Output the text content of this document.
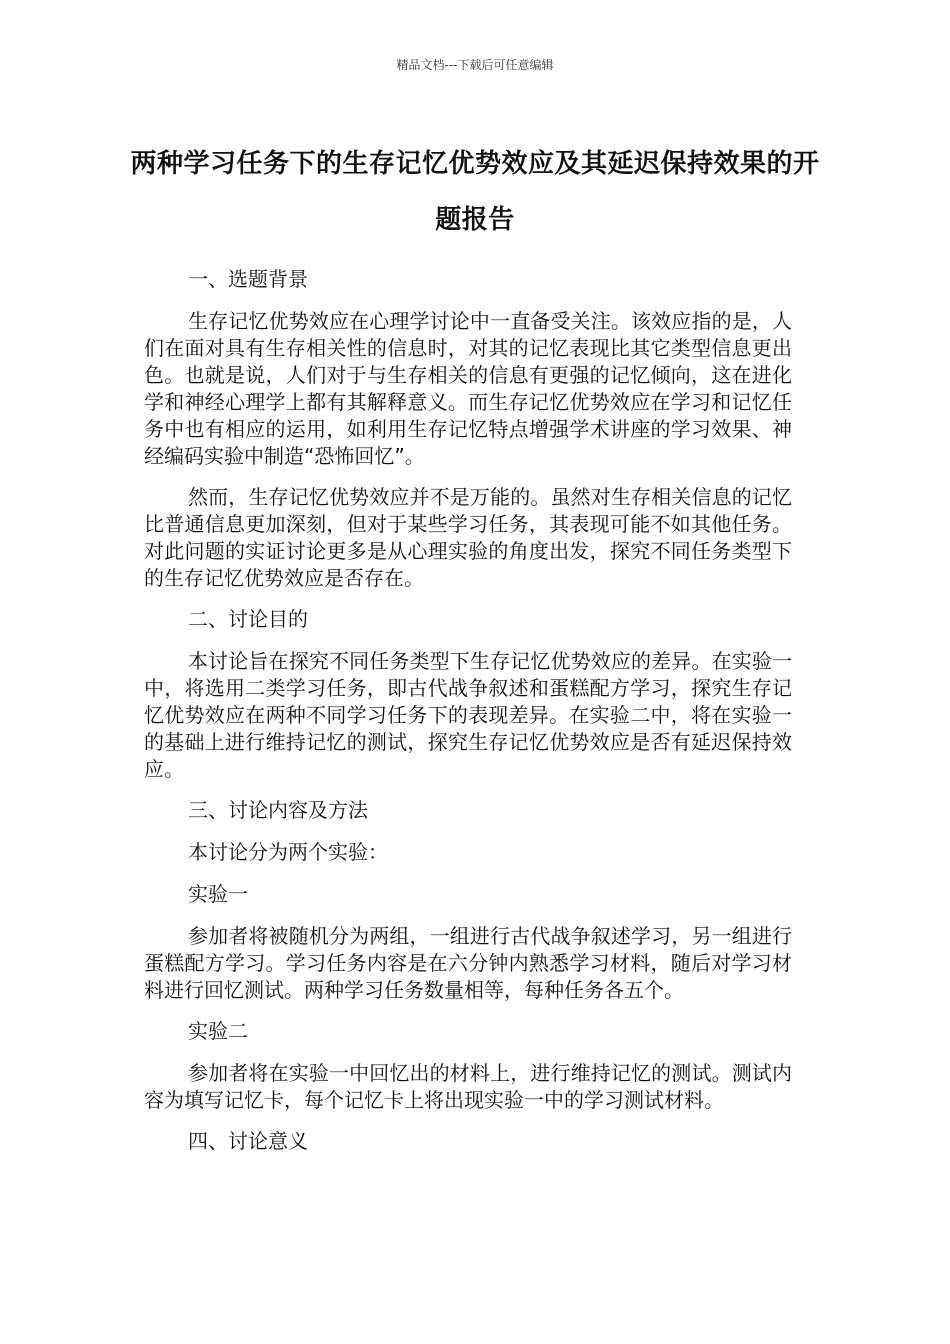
精品文档---下载后可任意编辑
两种学习任务下的生存记忆优势效应及其延迟保持效果的开题报告
一、选题背景
生存记忆优势效应在心理学讨论中一直备受关注。该效应指的是，人们在面对具有生存相关性的信息时，对其的记忆表现比其它类型信息更出色。也就是说，人们对于与生存相关的信息有更强的记忆倾向，这在进化学和神经心理学上都有其解释意义。而生存记忆优势效应在学习和记忆任务中也有相应的运用，如利用生存记忆特点增强学术讲座的学习效果、神经编码实验中制造“恐怖回忆”。
然而，生存记忆优势效应并不是万能的。虽然对生存相关信息的记忆比普通信息更加深刻，但对于某些学习任务，其表现可能不如其他任务。对此问题的实证讨论更多是从心理实验的角度出发，探究不同任务类型下的生存记忆优势效应是否存在。
二、讨论目的
本讨论旨在探究不同任务类型下生存记忆优势效应的差异。在实验一中，将选用二类学习任务，即古代战争叙述和蛋糕配方学习，探究生存记忆优势效应在两种不同学习任务下的表现差异。在实验二中，将在实验一的基础上进行维持记忆的测试，探究生存记忆优势效应是否有延迟保持效应。
三、讨论内容及方法
本讨论分为两个实验：
实验一
参加者将被随机分为两组，一组进行古代战争叙述学习，另一组进行蛋糕配方学习。学习任务内容是在六分钟内熟悉学习材料，随后对学习材料进行回忆测试。两种学习任务数量相等，每种任务各五个。
实验二
参加者将在实验一中回忆出的材料上，进行维持记忆的测试。测试内容为填写记忆卡，每个记忆卡上将出现实验一中的学习测试材料。
四、讨论意义
